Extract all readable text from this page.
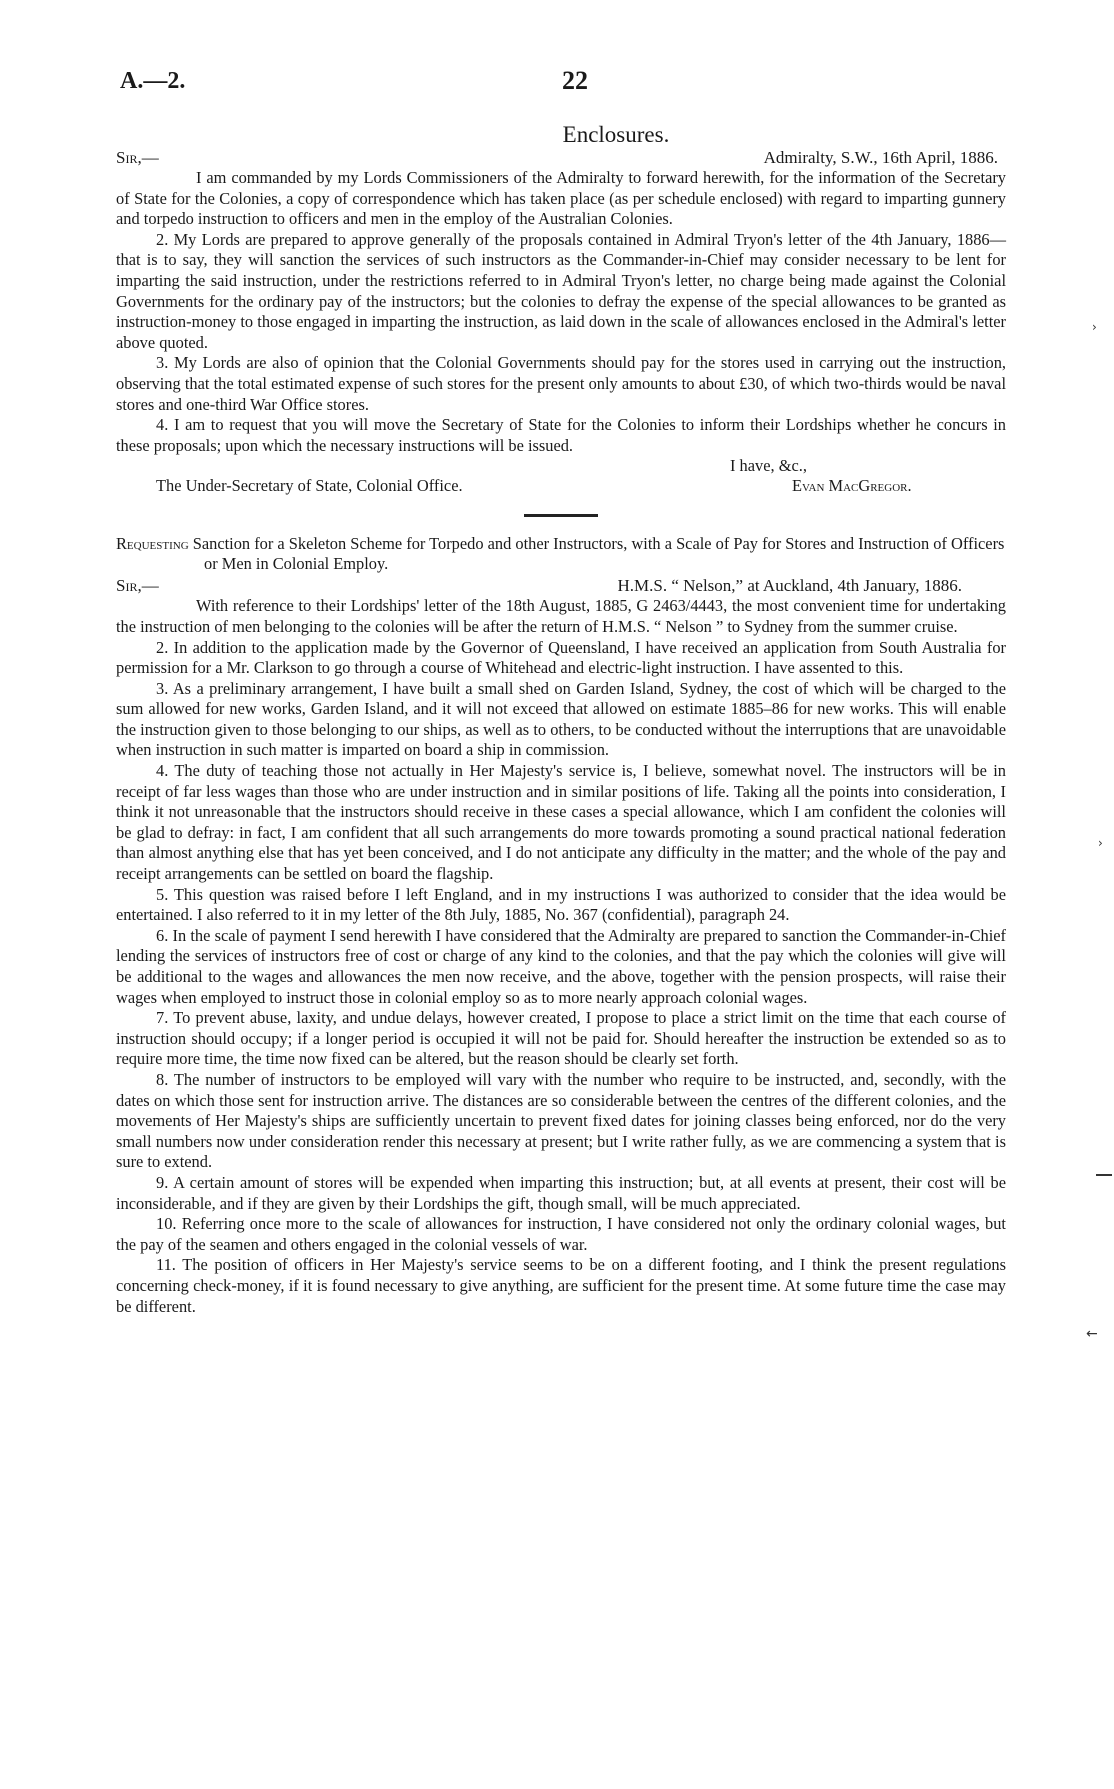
A.—2.	22
Enclosures.
Sir,—	Admiralty, S.W., 16th April, 1886.

I am commanded by my Lords Commissioners of the Admiralty to forward herewith, for the information of the Secretary of State for the Colonies, a copy of correspondence which has taken place (as per schedule enclosed) with regard to imparting gunnery and torpedo instruction to officers and men in the employ of the Australian Colonies.

2. My Lords are prepared to approve generally of the proposals contained in Admiral Tryon's letter of the 4th January, 1886—that is to say, they will sanction the services of such instructors as the Commander-in-Chief may consider necessary to be lent for imparting the said instruction, under the restrictions referred to in Admiral Tryon's letter, no charge being made against the Colonial Governments for the ordinary pay of the instructors; but the colonies to defray the expense of the special allowances to be granted as instruction-money to those engaged in imparting the instruction, as laid down in the scale of allowances enclosed in the Admiral's letter above quoted.

3. My Lords are also of opinion that the Colonial Governments should pay for the stores used in carrying out the instruction, observing that the total estimated expense of such stores for the present only amounts to about £30, of which two-thirds would be naval stores and one-third War Office stores.

4. I am to request that you will move the Secretary of State for the Colonies to inform their Lordships whether he concurs in these proposals; upon which the necessary instructions will be issued.

I have, &c.,
The Under-Secretary of State, Colonial Office.	Evan MacGregor.

Requesting Sanction for a Skeleton Scheme for Torpedo and other Instructors, with a Scale of Pay for Stores and Instruction of Officers or Men in Colonial Employ.

Sir,—	H.M.S. “ Nelson,” at Auckland, 4th January, 1886.

With reference to their Lordships' letter of the 18th August, 1885, G 2463/4443, the most convenient time for undertaking the instruction of men belonging to the colonies will be after the return of H.M.S. “ Nelson ” to Sydney from the summer cruise.

2. In addition to the application made by the Governor of Queensland, I have received an application from South Australia for permission for a Mr. Clarkson to go through a course of Whitehead and electric-light instruction. I have assented to this.

3. As a preliminary arrangement, I have built a small shed on Garden Island, Sydney, the cost of which will be charged to the sum allowed for new works, Garden Island, and it will not exceed that allowed on estimate 1885–86 for new works. This will enable the instruction given to those belonging to our ships, as well as to others, to be conducted without the interruptions that are unavoidable when instruction in such matter is imparted on board a ship in commission.

4. The duty of teaching those not actually in Her Majesty's service is, I believe, somewhat novel. The instructors will be in receipt of far less wages than those who are under instruction and in similar positions of life. Taking all the points into consideration, I think it not unreasonable that the instructors should receive in these cases a special allowance, which I am confident the colonies will be glad to defray: in fact, I am confident that all such arrangements do more towards promoting a sound practical national federation than almost anything else that has yet been conceived, and I do not anticipate any difficulty in the matter; and the whole of the pay and receipt arrangements can be settled on board the flagship.

5. This question was raised before I left England, and in my instructions I was authorized to consider that the idea would be entertained. I also referred to it in my letter of the 8th July, 1885, No. 367 (confidential), paragraph 24.

6. In the scale of payment I send herewith I have considered that the Admiralty are prepared to sanction the Commander-in-Chief lending the services of instructors free of cost or charge of any kind to the colonies, and that the pay which the colonies will give will be additional to the wages and allowances the men now receive, and the above, together with the pension prospects, will raise their wages when employed to instruct those in colonial employ so as to more nearly approach colonial wages.

7. To prevent abuse, laxity, and undue delays, however created, I propose to place a strict limit on the time that each course of instruction should occupy; if a longer period is occupied it will not be paid for. Should hereafter the instruction be extended so as to require more time, the time now fixed can be altered, but the reason should be clearly set forth.

8. The number of instructors to be employed will vary with the number who require to be instructed, and, secondly, with the dates on which those sent for instruction arrive. The distances are so considerable between the centres of the different colonies, and the movements of Her Majesty's ships are sufficiently uncertain to prevent fixed dates for joining classes being enforced, nor do the very small numbers now under consideration render this necessary at present; but I write rather fully, as we are commencing a system that is sure to extend.

9. A certain amount of stores will be expended when imparting this instruction; but, at all events at present, their cost will be inconsiderable, and if they are given by their Lordships the gift, though small, will be much appreciated.

10. Referring once more to the scale of allowances for instruction, I have considered not only the ordinary colonial wages, but the pay of the seamen and others engaged in the colonial vessels of war.

11. The position of officers in Her Majesty's service seems to be on a different footing, and I think the present regulations concerning check-money, if it is found necessary to give anything, are sufficient for the present time. At some future time the case may be different.

›
›
←
